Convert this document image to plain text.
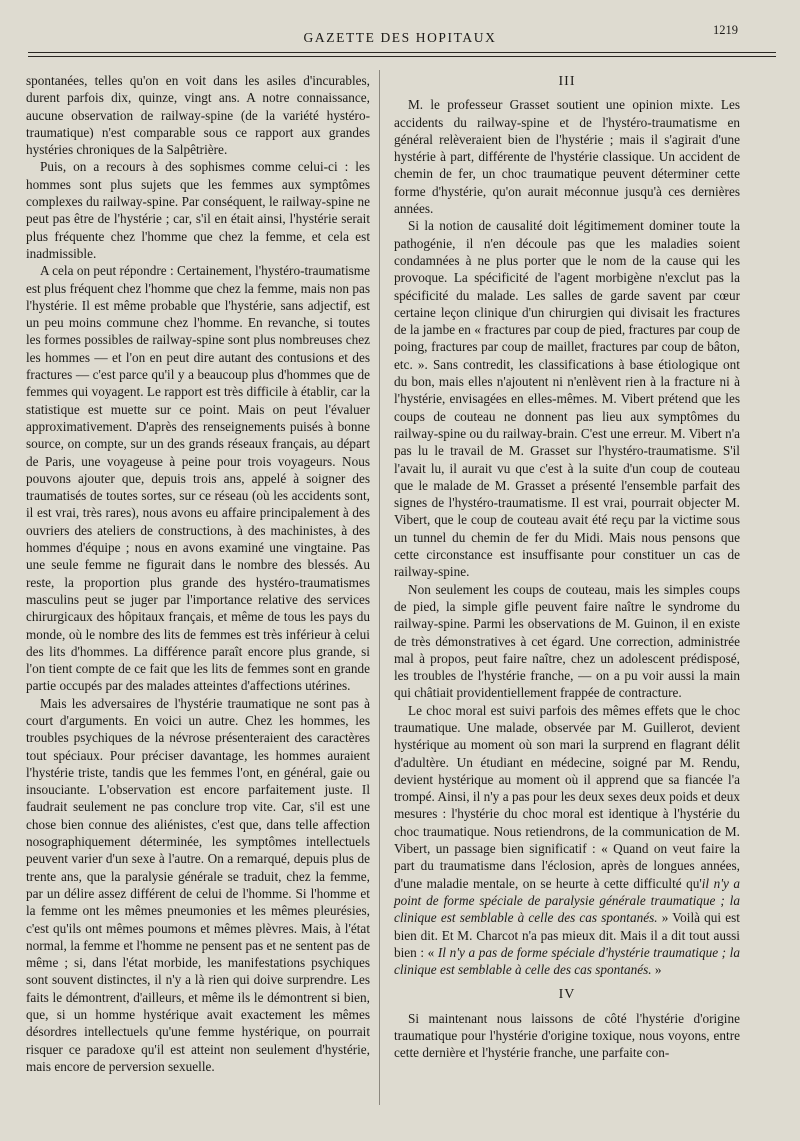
GAZETTE DES HOPITAUX	1219

spontanées, telles qu'on en voit dans les asiles d'incurables, durent parfois dix, quinze, vingt ans. A notre connaissance, aucune observation de railway-spine (de la variété hystéro-traumatique) n'est comparable sous ce rapport aux grandes hystéries chroniques de la Salpêtrière.

Puis, on a recours à des sophismes comme celui-ci : les hommes sont plus sujets que les femmes aux symptômes complexes du railway-spine. Par conséquent, le railway-spine ne peut pas être de l'hystérie ; car, s'il en était ainsi, l'hystérie serait plus fréquente chez l'homme que chez la femme, et cela est inadmissible.

A cela on peut répondre : Certainement, l'hystéro-traumatisme est plus fréquent chez l'homme que chez la femme, mais non pas l'hystérie. Il est même probable que l'hystérie, sans adjectif, est un peu moins commune chez l'homme. En revanche, si toutes les formes possibles de railway-spine sont plus nombreuses chez les hommes — et l'on en peut dire autant des contusions et des fractures — c'est parce qu'il y a beaucoup plus d'hommes que de femmes qui voyagent. Le rapport est très difficile à établir, car la statistique est muette sur ce point. Mais on peut l'évaluer approximativement. D'après des renseignements puisés à bonne source, on compte, sur un des grands réseaux français, au départ de Paris, une voyageuse à peine pour trois voyageurs. Nous pouvons ajouter que, depuis trois ans, appelé à soigner des traumatisés de toutes sortes, sur ce réseau (où les accidents sont, il est vrai, très rares), nous avons eu affaire principalement à des ouvriers des ateliers de constructions, à des machinistes, à des hommes d'équipe ; nous en avons examiné une vingtaine. Pas une seule femme ne figurait dans le nombre des blessés. Au reste, la proportion plus grande des hystéro-traumatismes masculins peut se juger par l'importance relative des services chirurgicaux des hôpitaux français, et même de tous les pays du monde, où le nombre des lits de femmes est très inférieur à celui des lits d'hommes. La différence paraît encore plus grande, si l'on tient compte de ce fait que les lits de femmes sont en grande partie occupés par des malades atteintes d'affections utérines.

Mais les adversaires de l'hystérie traumatique ne sont pas à court d'arguments. En voici un autre. Chez les hommes, les troubles psychiques de la névrose présenteraient des caractères tout spéciaux. Pour préciser davantage, les hommes auraient l'hystérie triste, tandis que les femmes l'ont, en général, gaie ou insouciante. L'observation est encore parfaitement juste. Il faudrait seulement ne pas conclure trop vite. Car, s'il est une chose bien connue des aliénistes, c'est que, dans telle affection nosographiquement déterminée, les symptômes intellectuels peuvent varier d'un sexe à l'autre. On a remarqué, depuis plus de trente ans, que la paralysie générale se traduit, chez la femme, par un délire assez différent de celui de l'homme. Si l'homme et la femme ont les mêmes pneumonies et les mêmes pleurésies, c'est qu'ils ont mêmes poumons et mêmes plèvres. Mais, à l'état normal, la femme et l'homme ne pensent pas et ne sentent pas de même ; si, dans l'état morbide, les manifestations psychiques sont souvent distinctes, il n'y a là rien qui doive surprendre. Les faits le démontrent, d'ailleurs, et même ils le démontrent si bien, que, si un homme hystérique avait exactement les mêmes désordres intellectuels qu'une femme hystérique, on pourrait risquer ce paradoxe qu'il est atteint non seulement d'hystérie, mais encore de perversion sexuelle.

III

M. le professeur Grasset soutient une opinion mixte. Les accidents du railway-spine et de l'hystéro-traumatisme en général relèveraient bien de l'hystérie ; mais il s'agirait d'une hystérie à part, différente de l'hystérie classique. Un accident de chemin de fer, un choc traumatique peuvent déterminer cette forme d'hystérie, qu'on aurait méconnue jusqu'à ces dernières années.

Si la notion de causalité doit légitimement dominer toute la pathogénie, il n'en découle pas que les maladies soient condamnées à ne plus porter que le nom de la cause qui les provoque. La spécificité de l'agent morbigène n'exclut pas la spécificité du malade. Les salles de garde savent par cœur certaine leçon clinique d'un chirurgien qui divisait les fractures de la jambe en « fractures par coup de pied, fractures par coup de poing, fractures par coup de maillet, fractures par coup de bâton, etc. ». Sans contredit, les classifications à base étiologique ont du bon, mais elles n'ajoutent ni n'enlèvent rien à la fracture ni à l'hystérie, envisagées en elles-mêmes. M. Vibert prétend que les coups de couteau ne donnent pas lieu aux symptômes du railway-spine ou du railway-brain. C'est une erreur. M. Vibert n'a pas lu le travail de M. Grasset sur l'hystéro-traumatisme. S'il l'avait lu, il aurait vu que c'est à la suite d'un coup de couteau que le malade de M. Grasset a présenté l'ensemble parfait des signes de l'hystéro-traumatisme. Il est vrai, pourrait objecter M. Vibert, que le coup de couteau avait été reçu par la victime sous un tunnel du chemin de fer du Midi. Mais nous pensons que cette circonstance est insuffisante pour constituer un cas de railway-spine.

Non seulement les coups de couteau, mais les simples coups de pied, la simple gifle peuvent faire naître le syndrome du railway-spine. Parmi les observations de M. Guinon, il en existe de très démonstratives à cet égard. Une correction, administrée mal à propos, peut faire naître, chez un adolescent prédisposé, les troubles de l'hystérie franche, — on a pu voir aussi la main qui châtiait providentiellement frappée de contracture.

Le choc moral est suivi parfois des mêmes effets que le choc traumatique. Une malade, observée par M. Guillerot, devient hystérique au moment où son mari la surprend en flagrant délit d'adultère. Un étudiant en médecine, soigné par M. Rendu, devient hystérique au moment où il apprend que sa fiancée l'a trompé. Ainsi, il n'y a pas pour les deux sexes deux poids et deux mesures : l'hystérie du choc moral est identique à l'hystérie du choc traumatique. Nous retiendrons, de la communication de M. Vibert, un passage bien significatif : « Quand on veut faire la part du traumatisme dans l'éclosion, après de longues années, d'une maladie mentale, on se heurte à cette difficulté qu'il n'y a point de forme spéciale de paralysie générale traumatique ; la clinique est semblable à celle des cas spontanés. » Voilà qui est bien dit. Et M. Charcot n'a pas mieux dit. Mais il a dit tout aussi bien : « Il n'y a pas de forme spéciale d'hystérie traumatique ; la clinique est semblable à celle des cas spontanés. »

IV

Si maintenant nous laissons de côté l'hystérie d'origine traumatique pour l'hystérie d'origine toxique, nous voyons, entre cette dernière et l'hystérie franche, une parfaite con-
